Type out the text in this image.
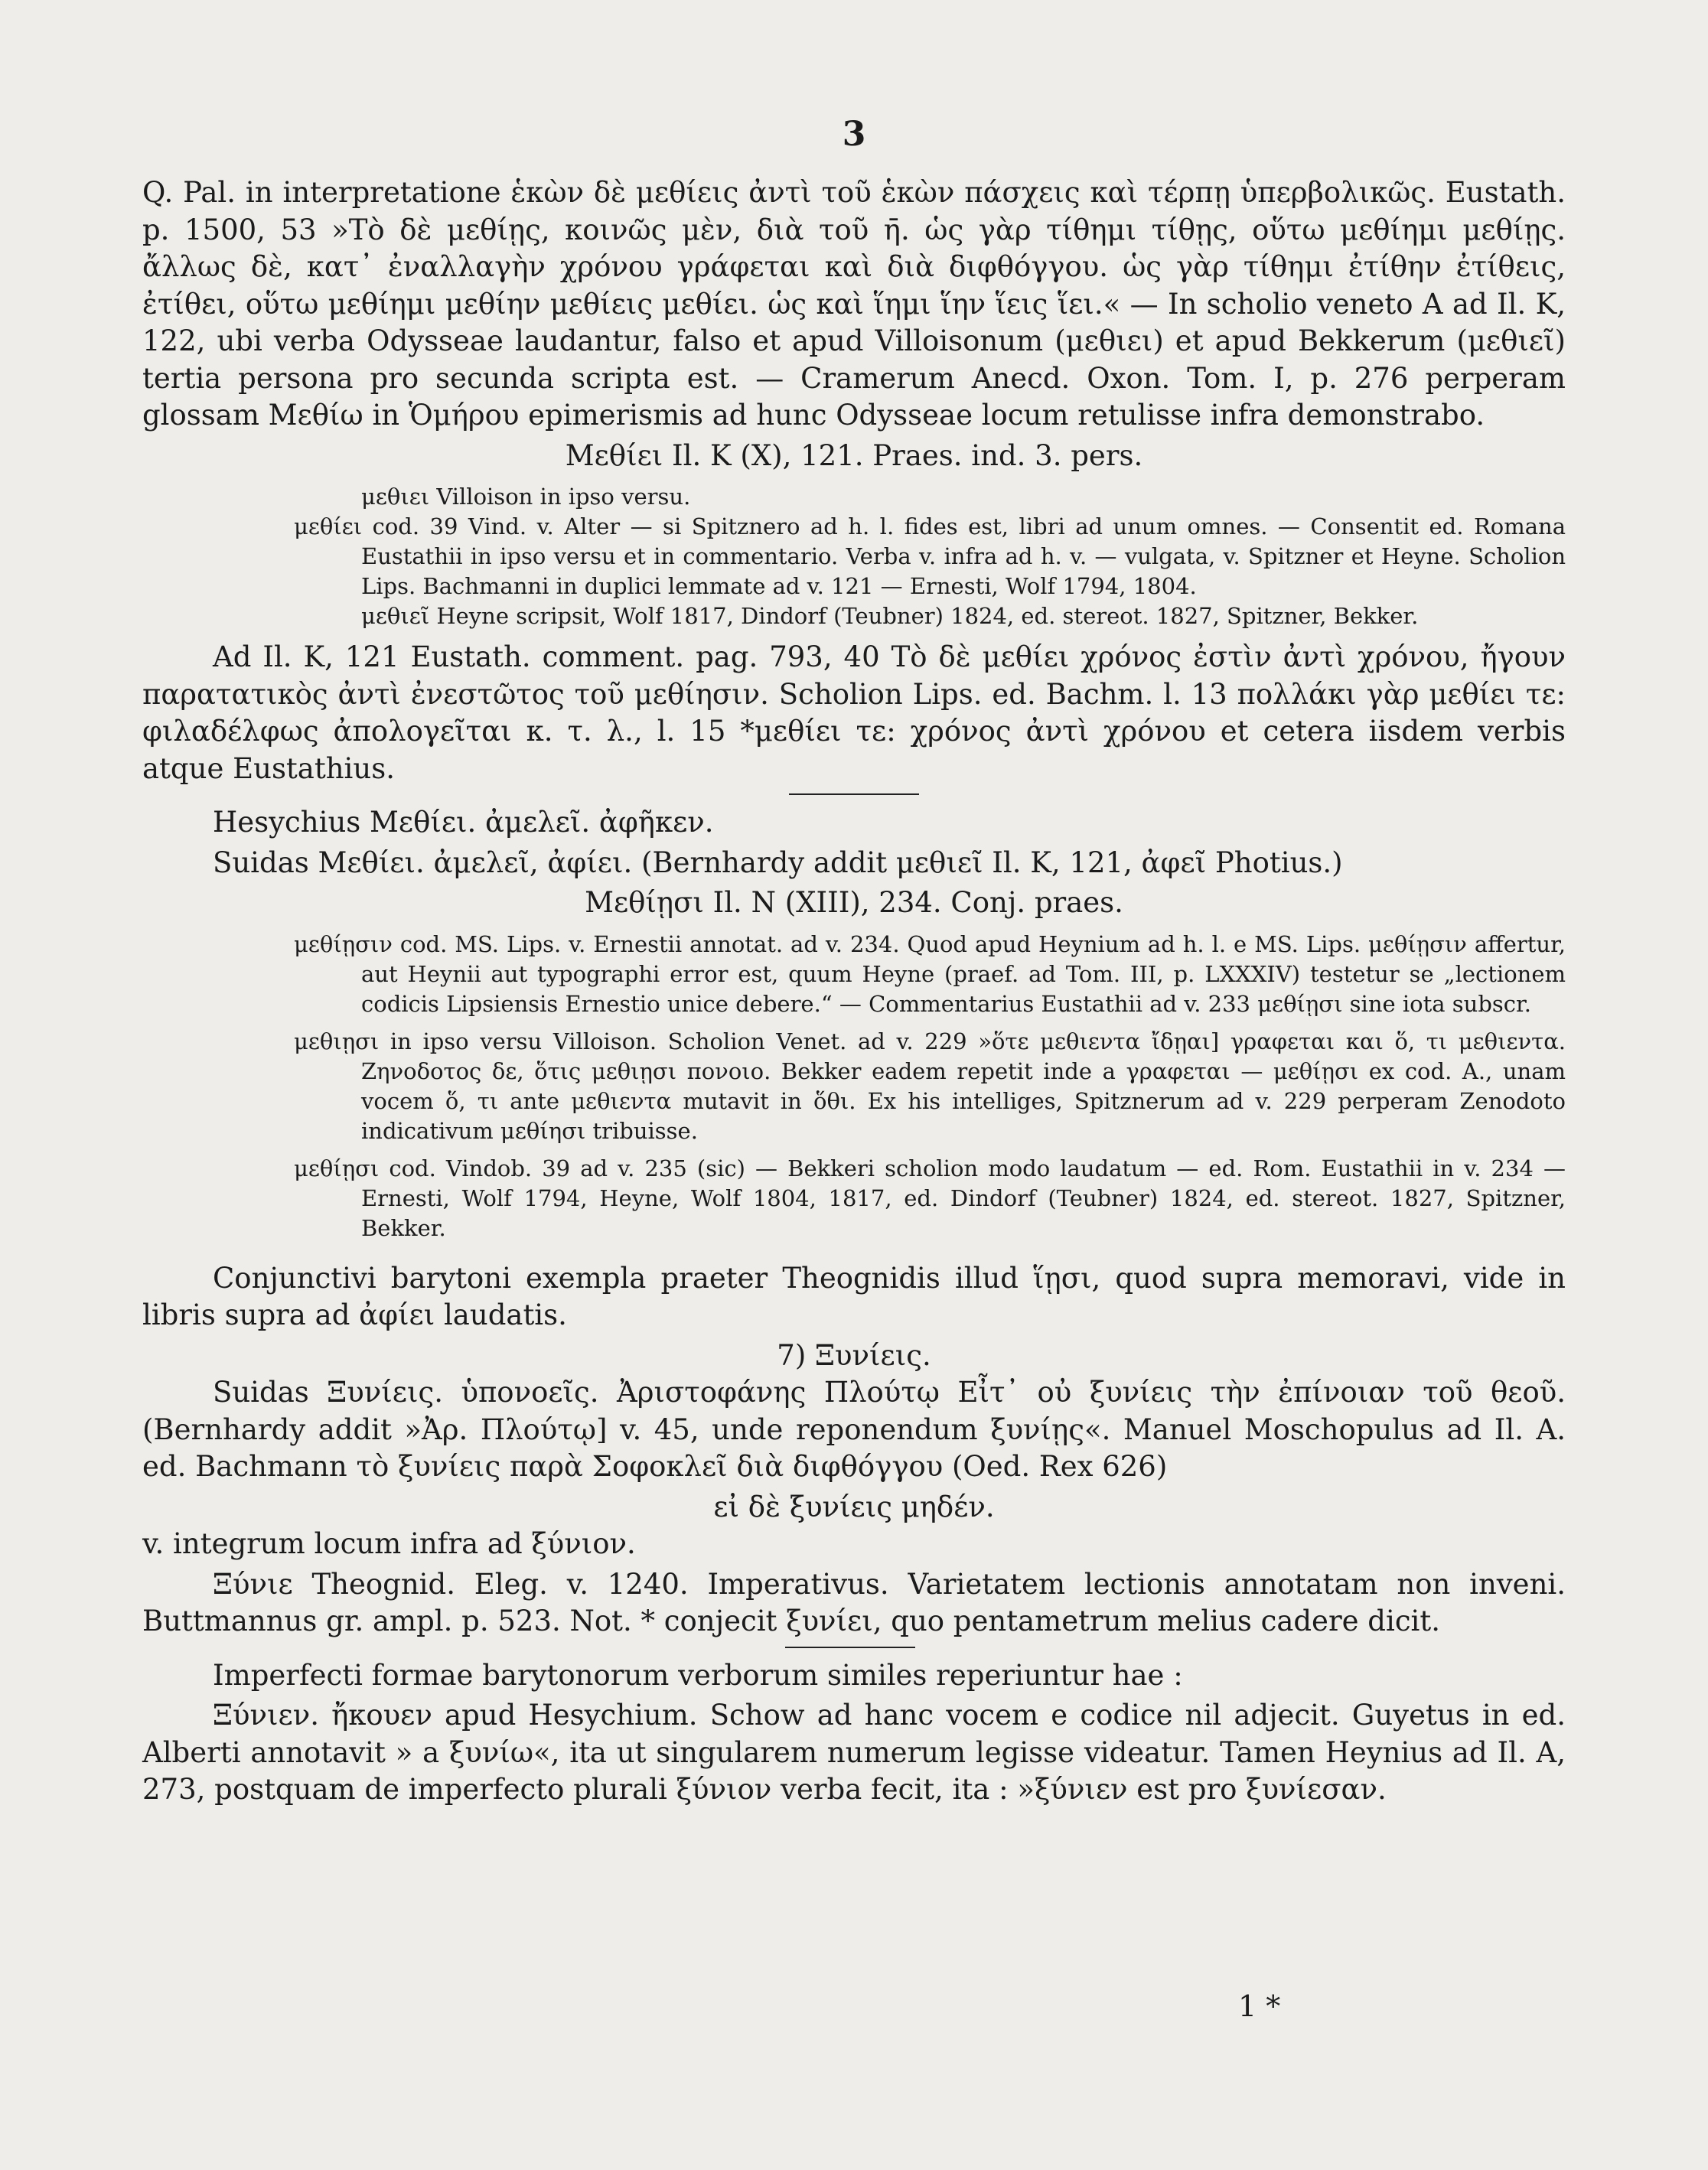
3

Q. Pal. in interpretatione ἑκὼν δὲ μεθίεις ἀντὶ τοῦ ἑκὼν πάσχεις καὶ τέρπῃ ὑπερβολικῶς. Eustath. p. 1500, 53 »Τὸ δὲ μεθίῃς, κοινῶς μὲν, διὰ τοῦ η̄. ὡς γὰρ τίθημι τίθῃς, οὕτω μεθίημι μεθίῃς. ἄλλως δὲ, κατ᾽ ἐναλλαγὴν χρόνου γράφεται καὶ διὰ διφθόγγου. ὡς γὰρ τίθημι ἐτίθην ἐτίθεις, ἐτίθει, οὕτω μεθίημι μεθίην μεθίεις μεθίει. ὡς καὶ ἵημι ἵην ἵεις ἵει.« — In scholio veneto A ad Il. K, 122, ubi verba Odysseae laudantur, falso et apud Villoisonum (μεθιει) et apud Bekkerum (μεθιεῖ) tertia persona pro secunda scripta est. — Cramerum Anecd. Oxon. Tom. I, p. 276 perperam glossam Μεθίω in Ὁμήρου epimerismis ad hunc Odysseae locum retulisse infra demonstrabo.

Μεθίει Il. K (X), 121. Praes. ind. 3. pers.

μεθιει Villoison in ipso versu.

μεθίει cod. 39 Vind. v. Alter — si Spitznero ad h. l. fides est, libri ad unum omnes. — Consentit ed. Romana Eustathii in ipso versu et in commentario. Verba v. infra ad h. v. — vulgata, v. Spitzner et Heyne. Scholion Lips. Bachmanni in duplici lemmate ad v. 121 — Ernesti, Wolf 1794, 1804.

μεθιεῖ Heyne scripsit, Wolf 1817, Dindorf (Teubner) 1824, ed. stereot. 1827, Spitzner, Bekker.

Ad Il. K, 121 Eustath. comment. pag. 793, 40 Τὸ δὲ μεθίει χρόνος ἐστὶν ἀντὶ χρόνου, ἤγουν παρατατικὸς ἀντὶ ἐνεστῶτος τοῦ μεθίησιν. Scholion Lips. ed. Bachm. l. 13 πολλάκι γὰρ μεθίει τε: φιλαδέλφως ἀπολογεῖται κ. τ. λ., l. 15 *μεθίει τε: χρόνος ἀντὶ χρόνου et cetera iisdem verbis atque Eustathius.

Hesychius Μεθίει. ἀμελεῖ. ἀφῆκεν.

Suidas Μεθίει. ἀμελεῖ, ἀφίει. (Bernhardy addit μεθιεῖ Il. K, 121, ἀφεῖ Photius.)

Μεθίῃσι Il. N (XIII), 234. Conj. praes.

μεθίῃσιν cod. MS. Lips. v. Ernestii annotat. ad v. 234. Quod apud Heynium ad h. l. e MS. Lips. μεθίῃσιν affertur, aut Heynii aut typographi error est, quum Heyne (praef. ad Tom. III, p. LXXXIV) testetur se „lectionem codicis Lipsiensis Ernestio unice debere.“ — Commentarius Eustathii ad v. 233 μεθίῃσι sine iota subscr.

μεθιῃσι in ipso versu Villoison. Scholion Venet. ad v. 229 »ὅτε μεθιεντα ἴδῃαι] γραφεται και ὅ, τι μεθιεντα. Ζηνοδοτος δε, ὅτις μεθιῃσι πονοιο. Bekker eadem repetit inde a γραφεται — μεθίῃσι ex cod. A., unam vocem ὅ, τι ante μεθιεντα mutavit in ὅθι. Ex his intelliges, Spitznerum ad v. 229 perperam Zenodoto indicativum μεθίησι tribuisse.

μεθίῃσι cod. Vindob. 39 ad v. 235 (sic) — Bekkeri scholion modo laudatum — ed. Rom. Eustathii in v. 234 — Ernesti, Wolf 1794, Heyne, Wolf 1804, 1817, ed. Dindorf (Teubner) 1824, ed. stereot. 1827, Spitzner, Bekker.

Conjunctivi barytoni exempla praeter Theognidis illud ἵῃσι, quod supra memoravi, vide in libris supra ad ἀφίει laudatis.

7) Ξυνίεις.

Suidas Ξυνίεις. ὑπονοεῖς. Ἀριστοφάνης Πλούτῳ Εἶτ᾽ οὐ ξυνίεις τὴν ἐπίνοιαν τοῦ θεοῦ. (Bernhardy addit »Ἀρ. Πλούτῳ] v. 45, unde reponendum ξυνίῃς«. Manuel Moschopulus ad Il. A. ed. Bachmann τὸ ξυνίεις παρὰ Σοφοκλεῖ διὰ διφθόγγου (Oed. Rex 626)

εἰ δὲ ξυνίεις μηδέν.

v. integrum locum infra ad ξύνιον.

Ξύνιε Theognid. Eleg. v. 1240. Imperativus. Varietatem lectionis annotatam non inveni. Buttmannus gr. ampl. p. 523. Not. * conjecit ξυνίει, quo pentametrum melius cadere dicit.

Imperfecti formae barytonorum verborum similes reperiuntur hae :

Ξύνιεν. ἤκουεν apud Hesychium. Schow ad hanc vocem e codice nil adjecit. Guyetus in ed. Alberti annotavit » a ξυνίω«, ita ut singularem numerum legisse videatur. Tamen Heynius ad Il. A, 273, postquam de imperfecto plurali ξύνιον verba fecit, ita : »ξύνιεν est pro ξυνίεσαν.

1 *
